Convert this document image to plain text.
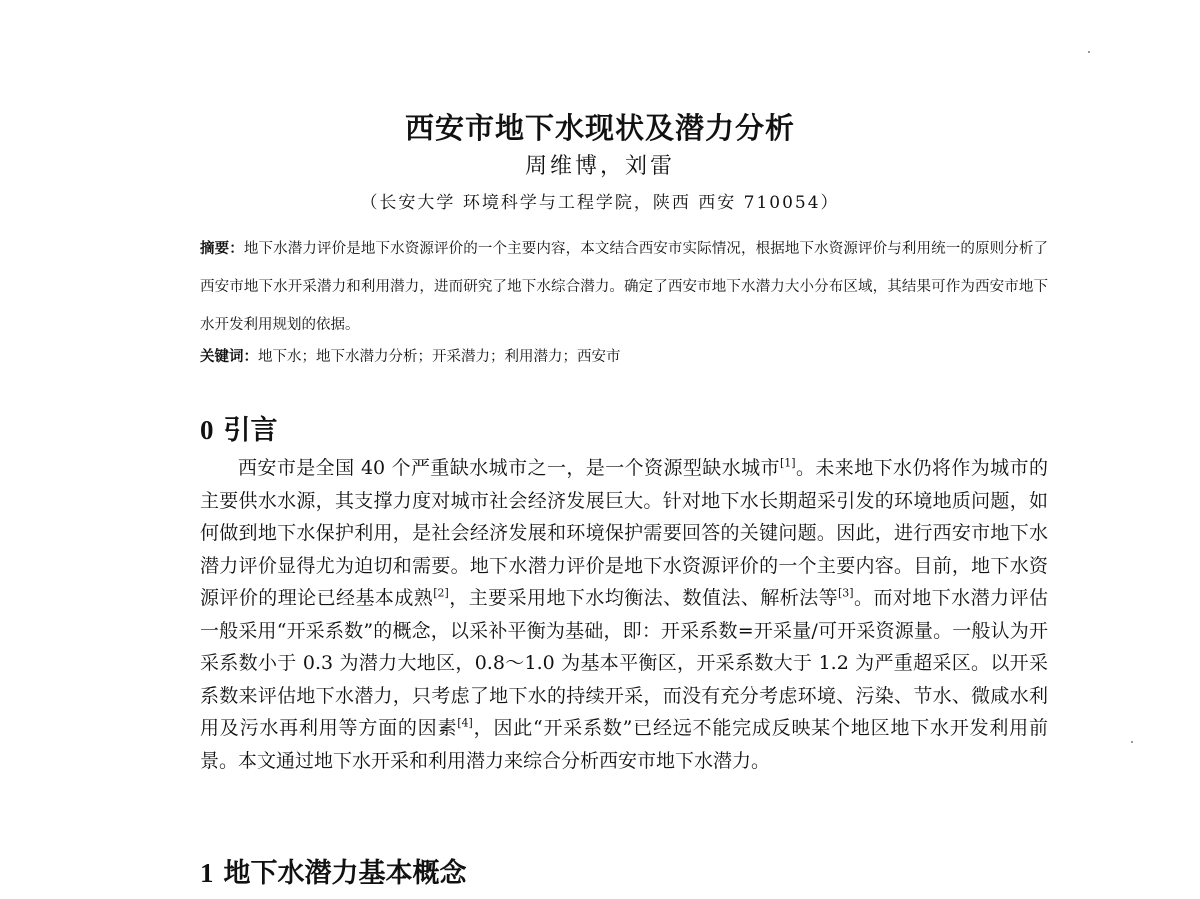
西安市地下水现状及潜力分析
周维博，刘雷
（长安大学 环境科学与工程学院，陕西 西安 710054）

摘要：地下水潜力评价是地下水资源评价的一个主要内容，本文结合西安市实际情况，根据地下水资源评价与利用统一的原则分析了西安市地下水开采潜力和利用潜力，进而研究了地下水综合潜力。确定了西安市地下水潜力大小分布区域，其结果可作为西安市地下水开发利用规划的依据。

关键词：地下水；地下水潜力分析；开采潜力；利用潜力；西安市

0 引言

西安市是全国 40 个严重缺水城市之一，是一个资源型缺水城市[1]。未来地下水仍将作为城市的主要供水水源，其支撑力度对城市社会经济发展巨大。针对地下水长期超采引发的环境地质问题，如何做到地下水保护利用，是社会经济发展和环境保护需要回答的关键问题。因此，进行西安市地下水潜力评价显得尤为迫切和需要。地下水潜力评价是地下水资源评价的一个主要内容。目前，地下水资源评价的理论已经基本成熟[2]，主要采用地下水均衡法、数值法、解析法等[3]。而对地下水潜力评估一般采用“开采系数”的概念，以采补平衡为基础，即：开采系数=开采量/可开采资源量。一般认为开采系数小于 0.3 为潜力大地区，0.8～1.0 为基本平衡区，开采系数大于 1.2 为严重超采区。以开采系数来评估地下水潜力，只考虑了地下水的持续开采，而没有充分考虑环境、污染、节水、微咸水利用及污水再利用等方面的因素[4]，因此“开采系数”已经远不能完成反映某个地区地下水开发利用前景。本文通过地下水开采和利用潜力来综合分析西安市地下水潜力。

1 地下水潜力基本概念
